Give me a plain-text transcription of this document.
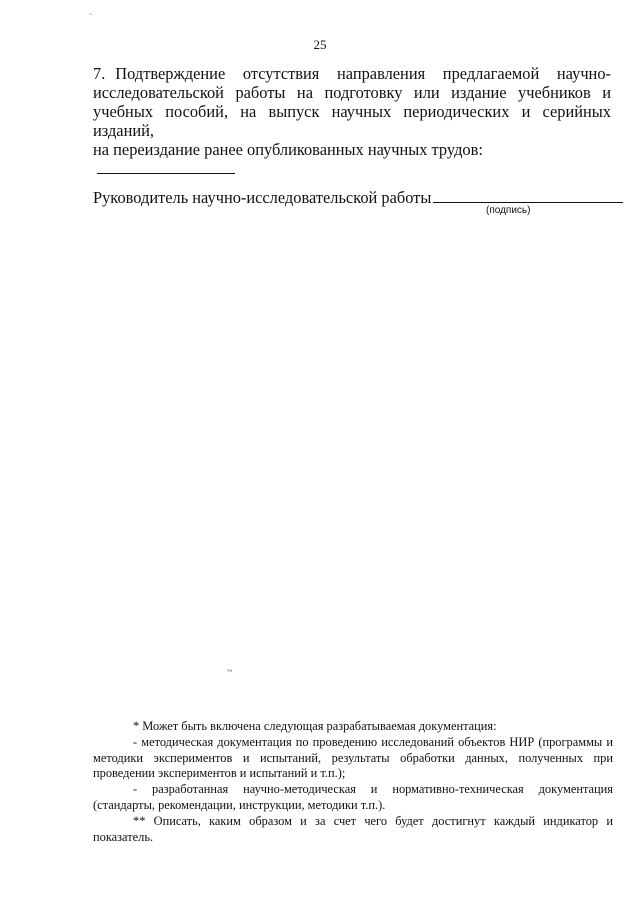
`
25
7. Подтверждение отсутствия направления предлагаемой научно-исследовательской работы на подготовку или издание учебников и учебных пособий, на выпуск научных периодических и серийных изданий,
на переиздание ранее опубликованных научных трудов:
Руководитель научно-исследовательской работы
(подпись)
~

* Может быть включена следующая разрабатываемая документация:

- методическая документация по проведению исследований объектов НИР (программы и методики экспериментов и испытаний, результаты обработки данных, полученных при проведении экспериментов и испытаний и т.п.);

- разработанная научно-методическая и нормативно-техническая документация (стандарты, рекомендации, инструкции, методики т.п.).

** Описать, каким образом и за счет чего будет достигнут каждый индикатор и показатель.
